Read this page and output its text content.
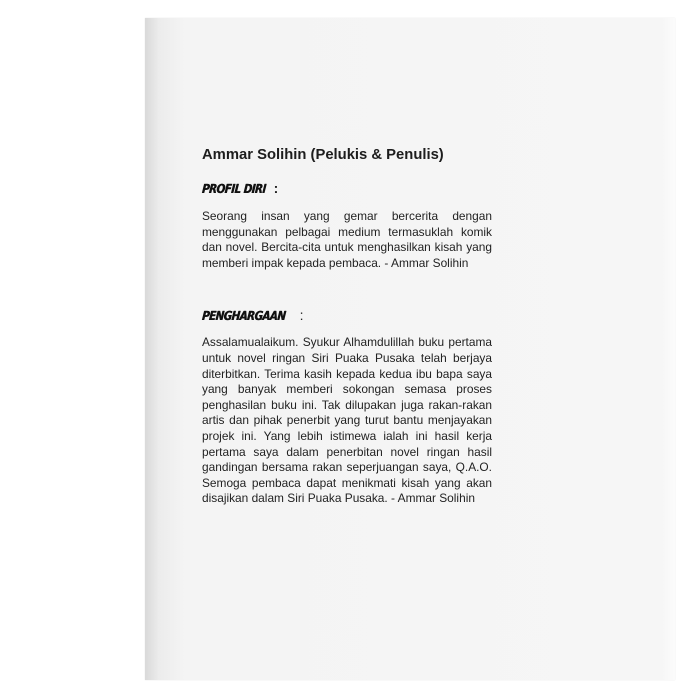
Ammar Solihin (Pelukis & Penulis)
PROFIL DIRI :

Seorang insan yang gemar bercerita dengan menggunakan pelbagai medium termasuklah komik dan novel. Bercita-cita untuk menghasilkan kisah yang memberi impak kepada pembaca. - Ammar Solihin

PENGHARGAAN :

Assalamualaikum. Syukur Alhamdulillah buku pertama untuk novel ringan Siri Puaka Pusaka telah berjaya diterbitkan. Terima kasih kepada kedua ibu bapa saya yang banyak memberi sokongan semasa proses penghasilan buku ini. Tak dilupakan juga rakan-rakan artis dan pihak penerbit yang turut bantu menjayakan projek ini. Yang lebih istimewa ialah ini hasil kerja pertama saya dalam penerbitan novel ringan hasil gandingan bersama rakan seperjuangan saya, Q.A.O. Semoga pembaca dapat menikmati kisah yang akan disajikan dalam Siri Puaka Pusaka. - Ammar Solihin
